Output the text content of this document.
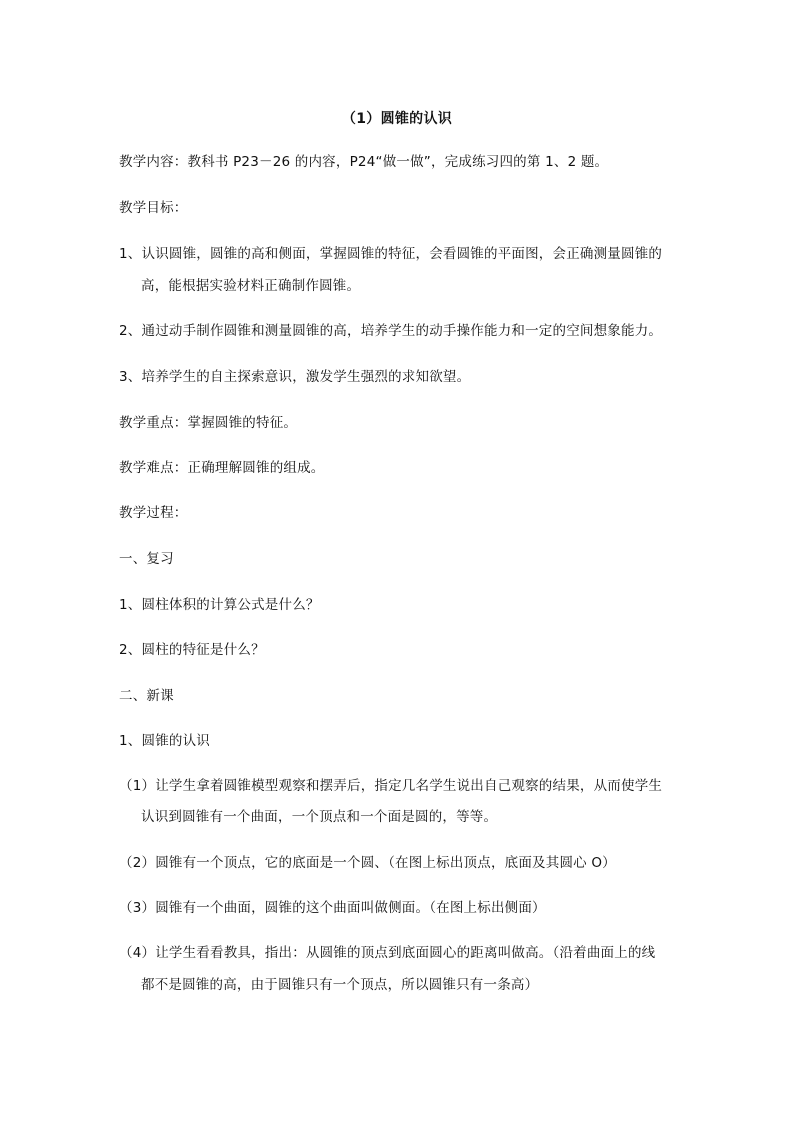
（1）圆锥的认识
教学内容：教科书 P23－26 的内容，P24“做一做”，完成练习四的第 1、2 题。
教学目标：
1、认识圆锥，圆锥的高和侧面，掌握圆锥的特征，会看圆锥的平面图，会正确测量圆锥的
高，能根据实验材料正确制作圆锥。
2、通过动手制作圆锥和测量圆锥的高，培养学生的动手操作能力和一定的空间想象能力。
3、培养学生的自主探索意识，激发学生强烈的求知欲望。
教学重点：掌握圆锥的特征。
教学难点：正确理解圆锥的组成。
教学过程：
一、复习
1、圆柱体积的计算公式是什么？
2、圆柱的特征是什么？
二、新课
1、圆锥的认识
（1）让学生拿着圆锥模型观察和摆弄后，指定几名学生说出自己观察的结果，从而使学生
认识到圆锥有一个曲面，一个顶点和一个面是圆的，等等。
（2）圆锥有一个顶点，它的底面是一个圆、（在图上标出顶点，底面及其圆心 O）
（3）圆锥有一个曲面，圆锥的这个曲面叫做侧面。（在图上标出侧面）
（4）让学生看看教具，指出：从圆锥的顶点到底面圆心的距离叫做高。（沿着曲面上的线
都不是圆锥的高，由于圆锥只有一个顶点，所以圆锥只有一条高）
